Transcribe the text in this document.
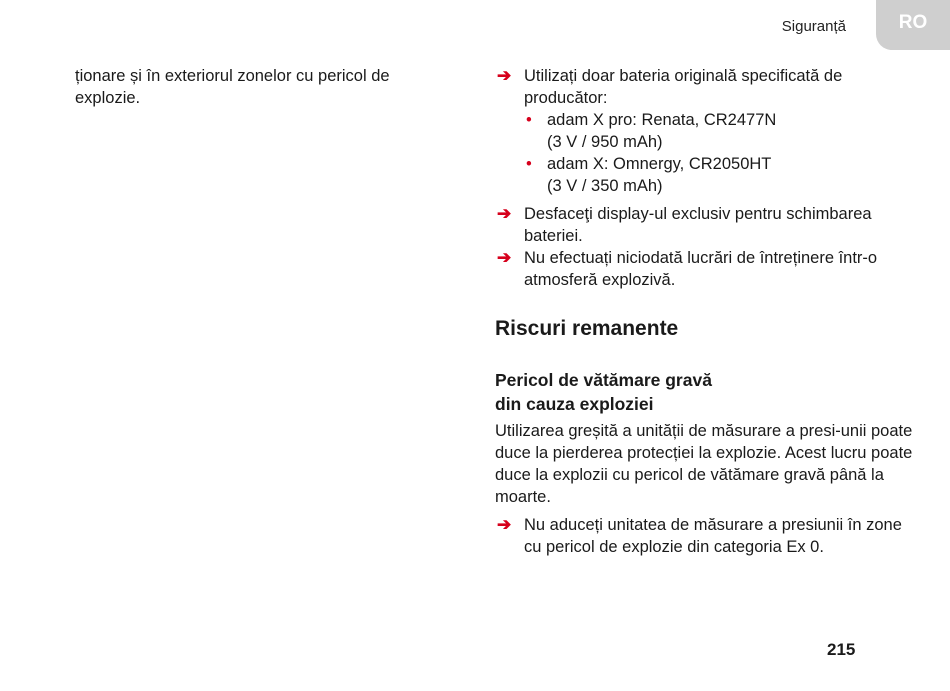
Siguranță	RO

ționare și în exteriorul zonelor cu pericol de explozie.

➔ Utilizați doar bateria originală specificată de producător:
• adam X pro: Renata, CR2477N
(3 V / 950 mAh)
• adam X: Omnergy, CR2050HT
(3 V / 350 mAh)
➔ Desfaceţi display-ul exclusiv pentru schimbarea bateriei.
➔ Nu efectuați niciodată lucrări de întreținere într-o atmosferă explozivă.
Riscuri remanente
Pericol de vătămare gravă
din cauza exploziei

Utilizarea greșită a unității de măsurare a presi-unii poate duce la pierderea protecției la explozie. Acest lucru poate duce la explozii cu pericol de vătămare gravă până la moarte.

➔ Nu aduceți unitatea de măsurare a presiunii în zone cu pericol de explozie din categoria Ex 0.
215
